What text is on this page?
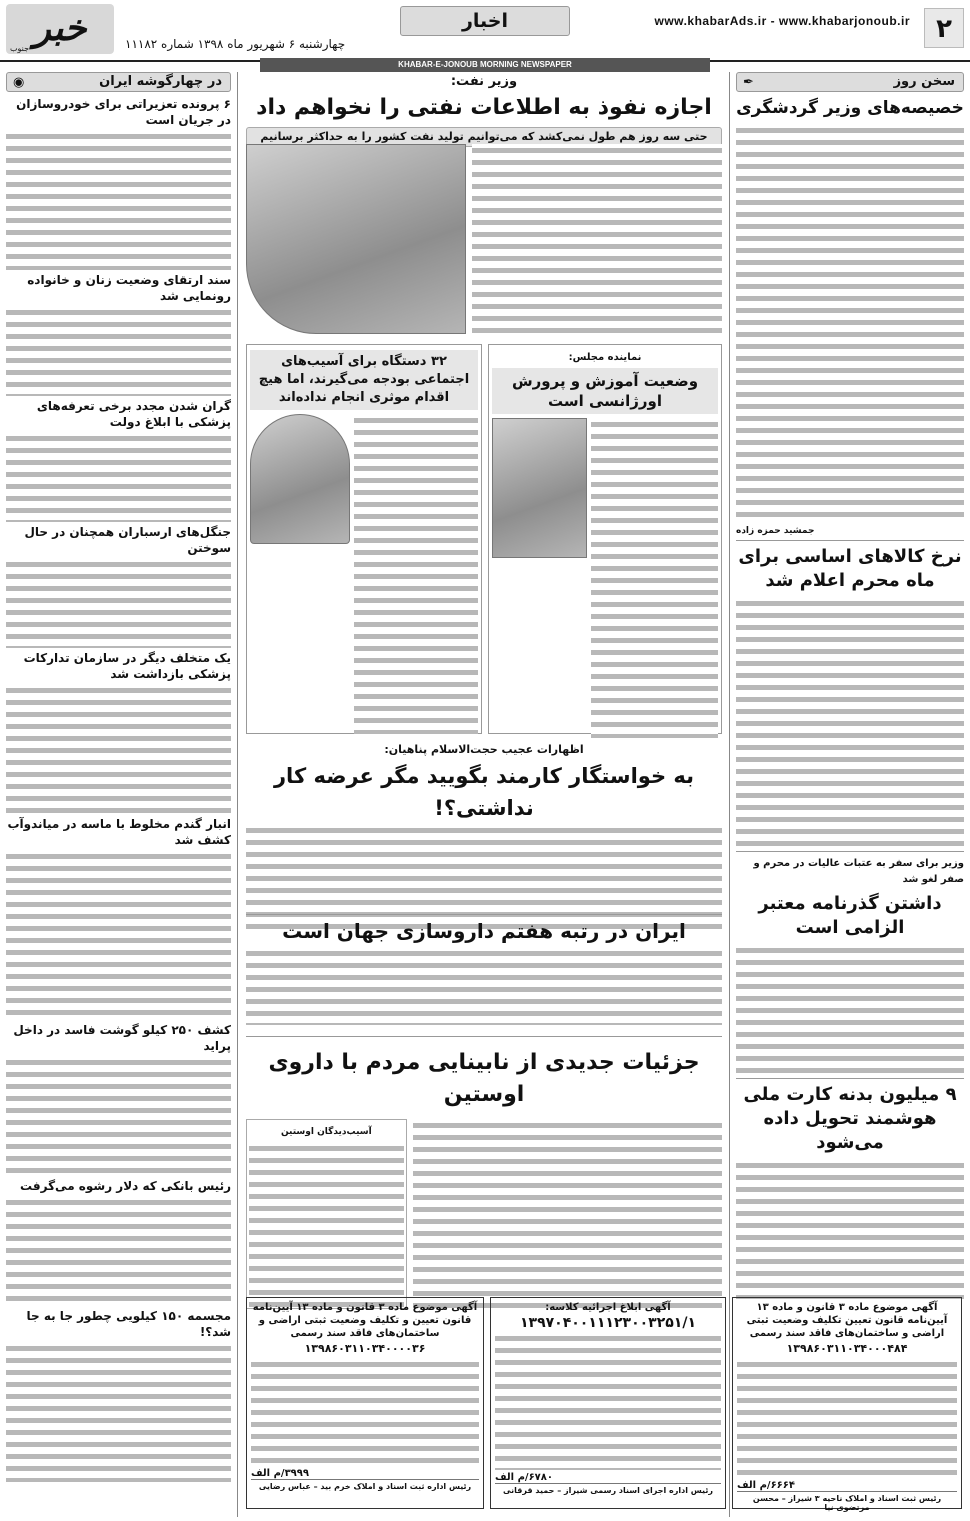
۲
www.khabarAds.ir - www.khabarjonoub.ir
اخبار
چهارشنبه ۶ شهریور ماه ۱۳۹۸ شماره ۱۱۱۸۲
خبر
جنوب
KHABAR-E-JONOUB MORNING NEWSPAPER
سخن روز
✒
خصیصه‌های وزیر گردشگری
جمشید حمزه زاده
نرخ کالاهای اساسی برای ماه محرم اعلام شد
وزیر برای سفر به عتبات عالیات در محرم و صفر لغو شد
داشتن گذرنامه معتبر الزامی است
۹ میلیون بدنه کارت ملی هوشمند تحویل داده می‌شود
در چهارگوشه ایران
◉
۶ پرونده تعزیراتی برای خودروسازان در جریان است
سند ارتقای وضعیت زنان و خانواده رونمایی شد
گران شدن مجدد برخی تعرفه‌های پزشکی با ابلاغ دولت
جنگل‌های ارسباران همچنان در حال سوختن
یک متخلف دیگر در سازمان تدارکات پزشکی بازداشت شد
انبار گندم مخلوط با ماسه در میاندوآب کشف شد
کشف ۲۵۰ کیلو گوشت فاسد در داخل پراید
رئیس بانکی که دلار رشوه می‌گرفت
مجسمه ۱۵۰ کیلویی چطور جا به جا شد؟!
وزیر نفت:
اجازه نفوذ به اطلاعات نفتی را نخواهم داد
حتی سه روز هم طول نمی‌کشد که می‌توانیم تولید نفت کشور را به حداکثر برسانیم
نماینده مجلس:
وضعیت آموزش و پرورش اورژانسی است
۳۲ دستگاه برای آسیب‌های اجتماعی بودجه می‌گیرند، اما هیچ اقدام موثری انجام نداده‌اند
اظهارات عجیب حجت‌الاسلام پناهیان:
به خواستگار کارمند بگویید مگر عرضه کار نداشتی؟!
ایران در رتبه هفتم داروسازی جهان است
جزئیات جدیدی از نابینایی مردم با داروی اوستین
آسیب‌دیدگان اوستین
آگهی موضوع ماده ۳ قانون و ماده ۱۳ آیین‌نامه قانون تعیین تکلیف وضعیت ثبتی اراضی و ساختمان‌های فاقد سند رسمی
۱۳۹۸۶۰۳۱۱۰۳۴۰۰۰۴۸۴
۶۶۶۴/م الف
رئیس ثبت اسناد و املاک ناحیه ۳ شیراز – محسن مرتضوی نیا
آگهی ابلاغ اجرائیه کلاسه:
۱۳۹۷۰۴۰۰۱۱۱۲۳۰۰۳۲۵۱/۱
۶۷۸۰/م الف
رئیس اداره اجرای اسناد رسمی شیراز – حمید قرقانی
آگهی موضوع ماده ۳ قانون و ماده ۱۳ آیین‌نامه قانون تعیین و تکلیف وضعیت ثبتی اراضی و ساختمان‌های فاقد سند رسمی
۱۳۹۸۶۰۳۱۱۰۳۴۰۰۰۰۳۶
۳۹۹۹/م الف
رئیس اداره ثبت اسناد و املاک خرم بید – عباس رضایی
